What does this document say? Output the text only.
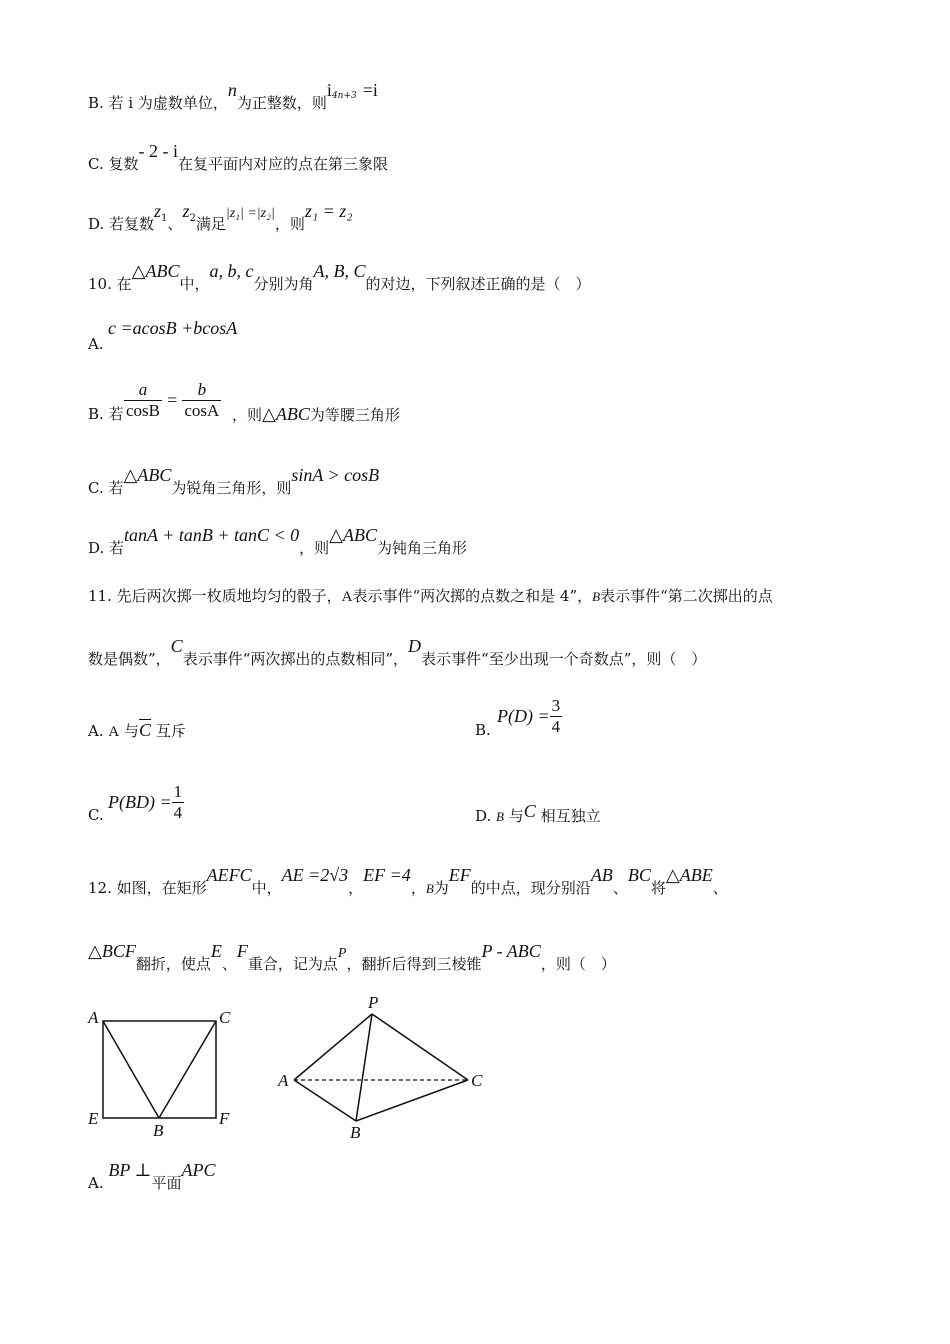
B. 若 i 为虚数单位，n为正整数，则$i^{4n+3} =i$
C. 复数- 2 - i在复平面内对应的点在第三象限
D. 若复数$z^1$、$z^2$满足|z₁| =|z₂|，则z₁ = z₂
10. 在△ABC中，a, b, c分别为角A, B, C的对边，下列叙述正确的是（　）
A.
c =acosB +bcosA
B. 若 $\frac{a}{\cos B} = \frac{b}{\cos A}$ ，则△ABC为等腰三角形
C. 若△ABC为锐角三角形，则sinA > cosB
D. 若tanA + tanB + tanC < 0，则△ABC为钝角三角形
11. 先后两次掷一枚质地均匀的骰子，A表示事件“两次掷的点数之和是 4”，B表示事件“第二次掷出的点
数是偶数”，C表示事件“两次掷出的点数相同”，D表示事件“至少出现一个奇数点”，则（　）
A. A 与$\overline{C}$ 互斥	B.
$P(D) = \frac{3}{4}$
C.
$P(BD) = \frac{1}{4}$	D. B 与C 相互独立
12. 如图，在矩形AEFC中，AE =2√3，EF =4，B为EF的中点，现分别沿AB、BC将△ABE、
△BCF翻折，使点E、F重合，记为点P，翻折后得到三棱锥P - ABC，则（　）
A	C
E
B
F
P
A	C
B
A. BP ⊥平面APC
